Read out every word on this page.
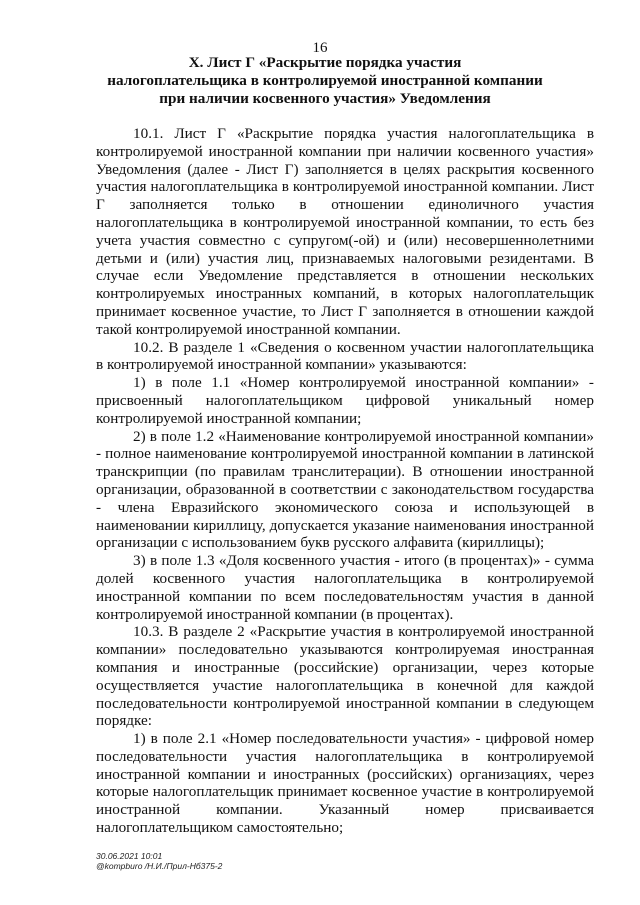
16
X. Лист Г «Раскрытие порядка участия
налогоплательщика в контролируемой иностранной компании
при наличии косвенного участия» Уведомления

10.1. Лист Г «Раскрытие порядка участия налогоплательщика в контролируемой иностранной компании при наличии косвенного участия» Уведомления (далее - Лист Г) заполняется в целях раскрытия косвенного участия налогоплательщика в контролируемой иностранной компании. Лист Г заполняется только в отношении единоличного участия налогоплательщика в контролируемой иностранной компании, то есть без учета участия совместно с супругом(-ой) и (или) несовершеннолетними детьми и (или) участия лиц, признаваемых налоговыми резидентами. В случае если Уведомление представляется в отношении нескольких контролируемых иностранных компаний, в которых налогоплательщик принимает косвенное участие, то Лист Г заполняется в отношении каждой такой контролируемой иностранной компании.

10.2. В разделе 1 «Сведения о косвенном участии налогоплательщика в контролируемой иностранной компании» указываются:

1) в поле 1.1 «Номер контролируемой иностранной компании» - присвоенный налогоплательщиком цифровой уникальный номер контролируемой иностранной компании;

2) в поле 1.2 «Наименование контролируемой иностранной компании» - полное наименование контролируемой иностранной компании в латинской транскрипции (по правилам транслитерации). В отношении иностранной организации, образованной в соответствии с законодательством государства - члена Евразийского экономического союза и использующей в наименовании кириллицу, допускается указание наименования иностранной организации с использованием букв русского алфавита (кириллицы);

3) в поле 1.3 «Доля косвенного участия - итого (в процентах)» - сумма долей косвенного участия налогоплательщика в контролируемой иностранной компании по всем последовательностям участия в данной контролируемой иностранной компании (в процентах).

10.3. В разделе 2 «Раскрытие участия в контролируемой иностранной компании» последовательно указываются контролируемая иностранная компания и иностранные (российские) организации, через которые осуществляется участие налогоплательщика в конечной для каждой последовательности контролируемой иностранной компании в следующем порядке:

1) в поле 2.1 «Номер последовательности участия» - цифровой номер последовательности участия налогоплательщика в контролируемой иностранной компании и иностранных (российских) организациях, через которые налогоплательщик принимает косвенное участие в контролируемой иностранной компании. Указанный номер присваивается налогоплательщиком самостоятельно;

30.06.2021 10:01
@kompburo /Н.И./Прил-Нб375-2
